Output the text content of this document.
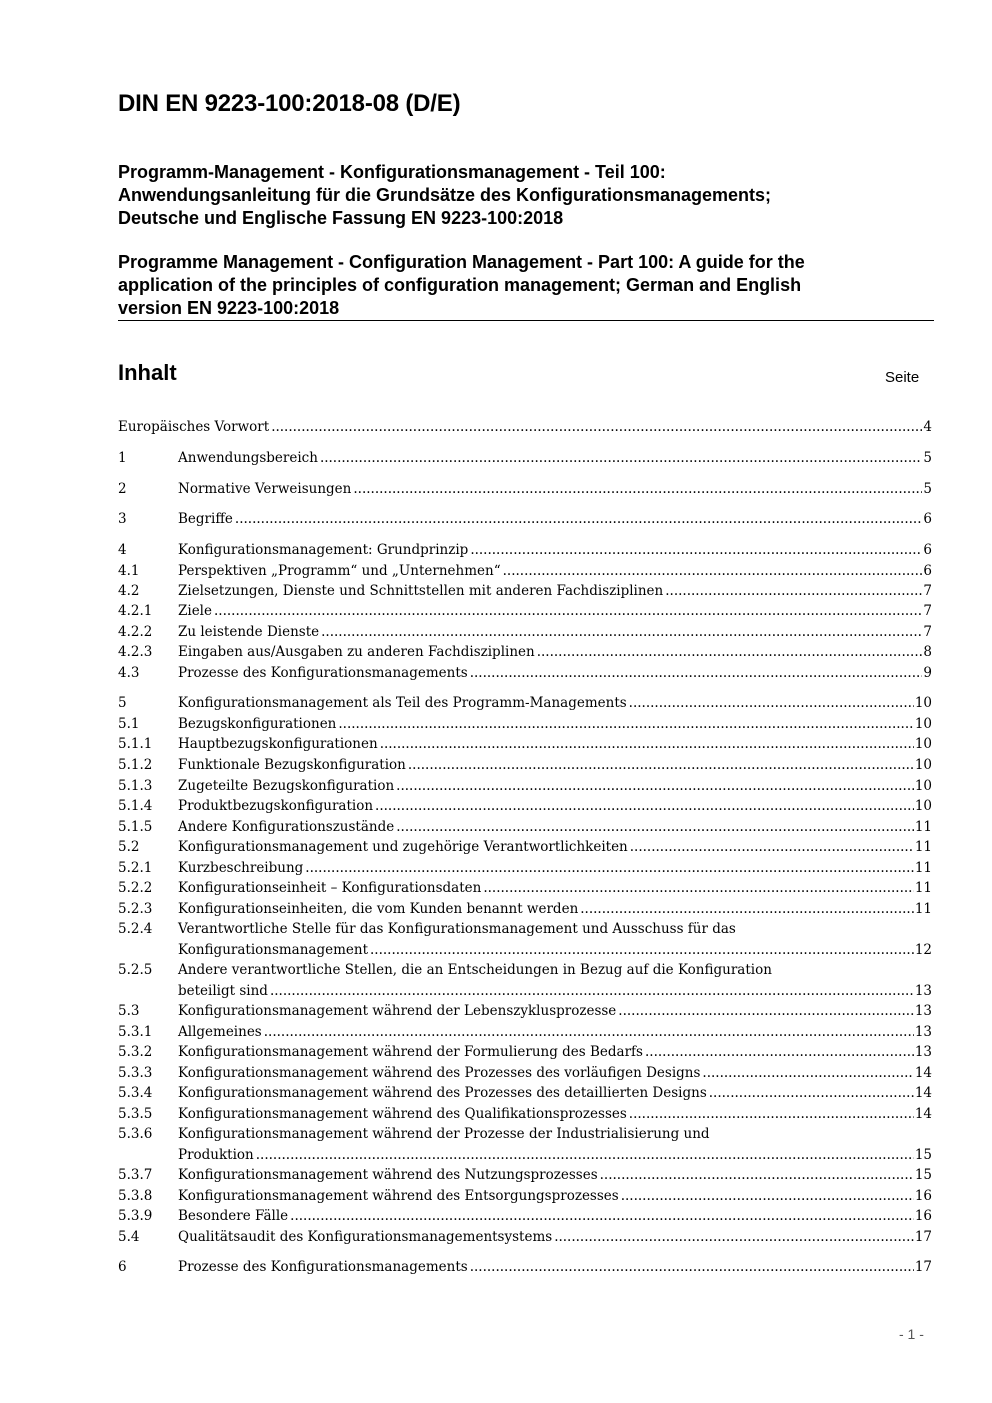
DIN EN 9223-100:2018-08 (D/E)

Programm-Management - Konfigurationsmanagement - Teil 100:
Anwendungsanleitung für die Grundsätze des Konfigurationsmanagements;
Deutsche und Englische Fassung EN 9223-100:2018

Programme Management - Configuration Management - Part 100: A guide for the
application of the principles of configuration management; German and English
version EN 9223-100:2018

Inhalt	Seite
Europäisches Vorwort .....	4
1	Anwendungsbereich .....	5
2	Normative Verweisungen .....	5
3	Begriffe .....	6
4	Konfigurationsmanagement: Grundprinzip .....	6
4.1	Perspektiven „Programm“ und „Unternehmen“ .....	6
4.2	Zielsetzungen, Dienste und Schnittstellen mit anderen Fachdisziplinen .....	7
4.2.1 Ziele .....	7
4.2.2 Zu leistende Dienste .....	7
4.2.3 Eingaben aus/Ausgaben zu anderen Fachdisziplinen .....	8
4.3	Prozesse des Konfigurationsmanagements .....	9
5	Konfigurationsmanagement als Teil des Programm-Managements .....	10
5.1	Bezugskonfigurationen .....	10
5.1.1 Hauptbezugskonfigurationen .....	10
5.1.2 Funktionale Bezugskonfiguration .....	10
5.1.3 Zugeteilte Bezugskonfiguration .....	10
5.1.4 Produktbezugskonfiguration .....	10
5.1.5 Andere Konfigurationszustände .....	11
5.2	Konfigurationsmanagement und zugehörige Verantwortlichkeiten .....	11
5.2.1 Kurzbeschreibung .....	11
5.2.2 Konfigurationseinheit – Konfigurationsdaten .....	11
5.2.3 Konfigurationseinheiten, die vom Kunden benannt werden .....	11
5.2.4 Verantwortliche Stelle für das Konfigurationsmanagement und Ausschuss für das
Konfigurationsmanagement .....	12
5.2.5 Andere verantwortliche Stellen, die an Entscheidungen in Bezug auf die Konfiguration
beteiligt sind .....	13
5.3	Konfigurationsmanagement während der Lebenszyklusprozesse .....	13
5.3.1 Allgemeines .....	13
5.3.2 Konfigurationsmanagement während der Formulierung des Bedarfs .....	13
5.3.3 Konfigurationsmanagement während des Prozesses des vorläufigen Designs .....	14
5.3.4 Konfigurationsmanagement während des Prozesses des detaillierten Designs .....	14
5.3.5 Konfigurationsmanagement während des Qualifikationsprozesses .....	14
5.3.6 Konfigurationsmanagement während der Prozesse der Industrialisierung und
Produktion .....	15
5.3.7 Konfigurationsmanagement während des Nutzungsprozesses .....	15
5.3.8 Konfigurationsmanagement während des Entsorgungsprozesses .....	16
5.3.9 Besondere Fälle .....	16
5.4	Qualitätsaudit des Konfigurationsmanagementsystems .....	17
6	Prozesse des Konfigurationsmanagements .....	17
- 1 -
